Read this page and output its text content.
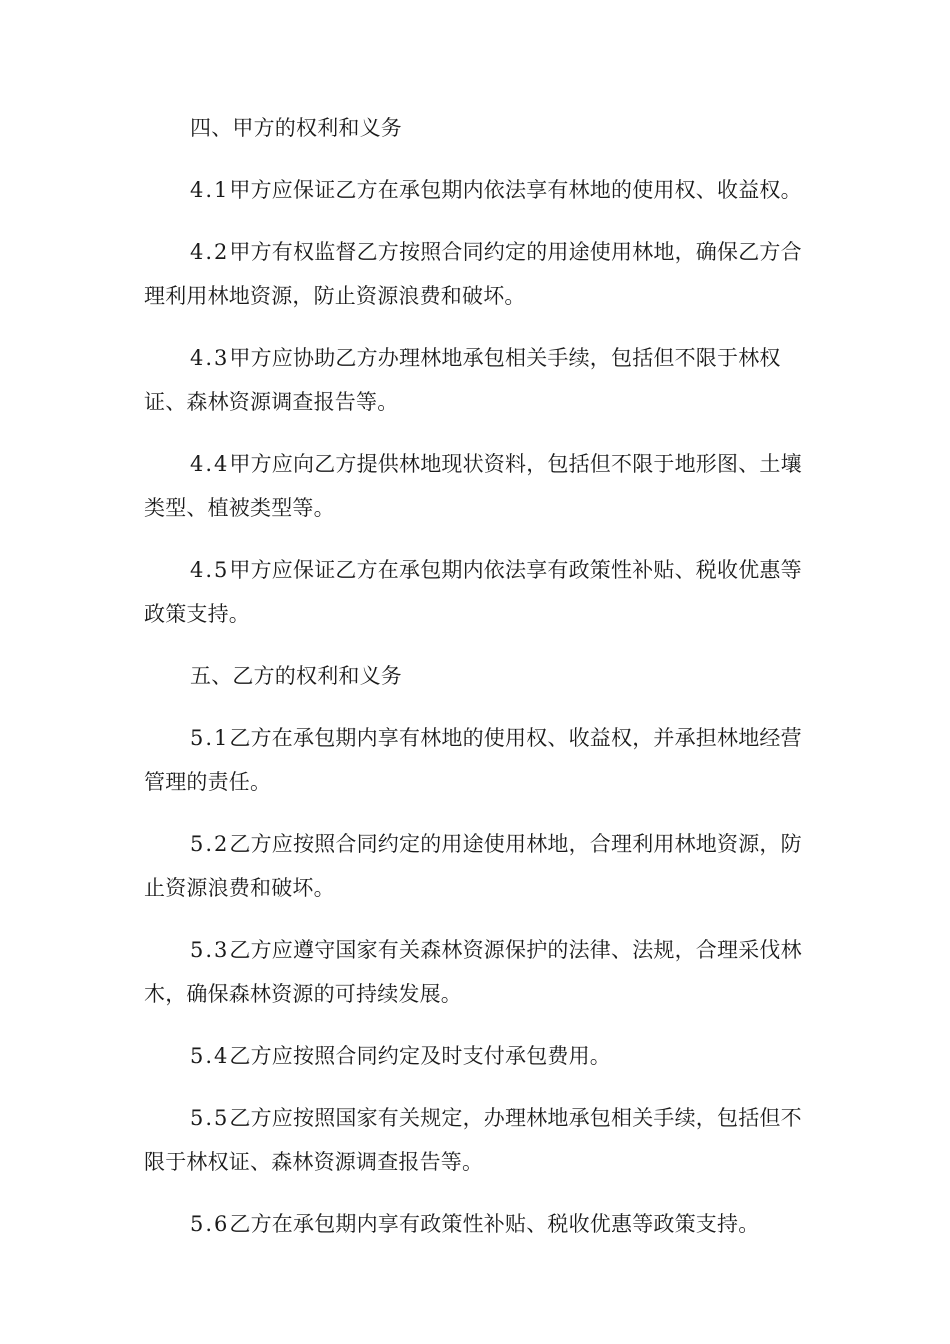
四、甲方的权利和义务

4.1甲方应保证乙方在承包期内依法享有林地的使用权、收益权。

4.2甲方有权监督乙方按照合同约定的用途使用林地，确保乙方合理利用林地资源，防止资源浪费和破坏。

4.3甲方应协助乙方办理林地承包相关手续，包括但不限于林权证、森林资源调查报告等。

4.4甲方应向乙方提供林地现状资料，包括但不限于地形图、土壤类型、植被类型等。

4.5甲方应保证乙方在承包期内依法享有政策性补贴、税收优惠等政策支持。

五、乙方的权利和义务

5.1乙方在承包期内享有林地的使用权、收益权，并承担林地经营管理的责任。

5.2乙方应按照合同约定的用途使用林地，合理利用林地资源，防止资源浪费和破坏。

5.3乙方应遵守国家有关森林资源保护的法律、法规，合理采伐林木，确保森林资源的可持续发展。

5.4乙方应按照合同约定及时支付承包费用。

5.5乙方应按照国家有关规定，办理林地承包相关手续，包括但不限于林权证、森林资源调查报告等。

5.6乙方在承包期内享有政策性补贴、税收优惠等政策支持。
